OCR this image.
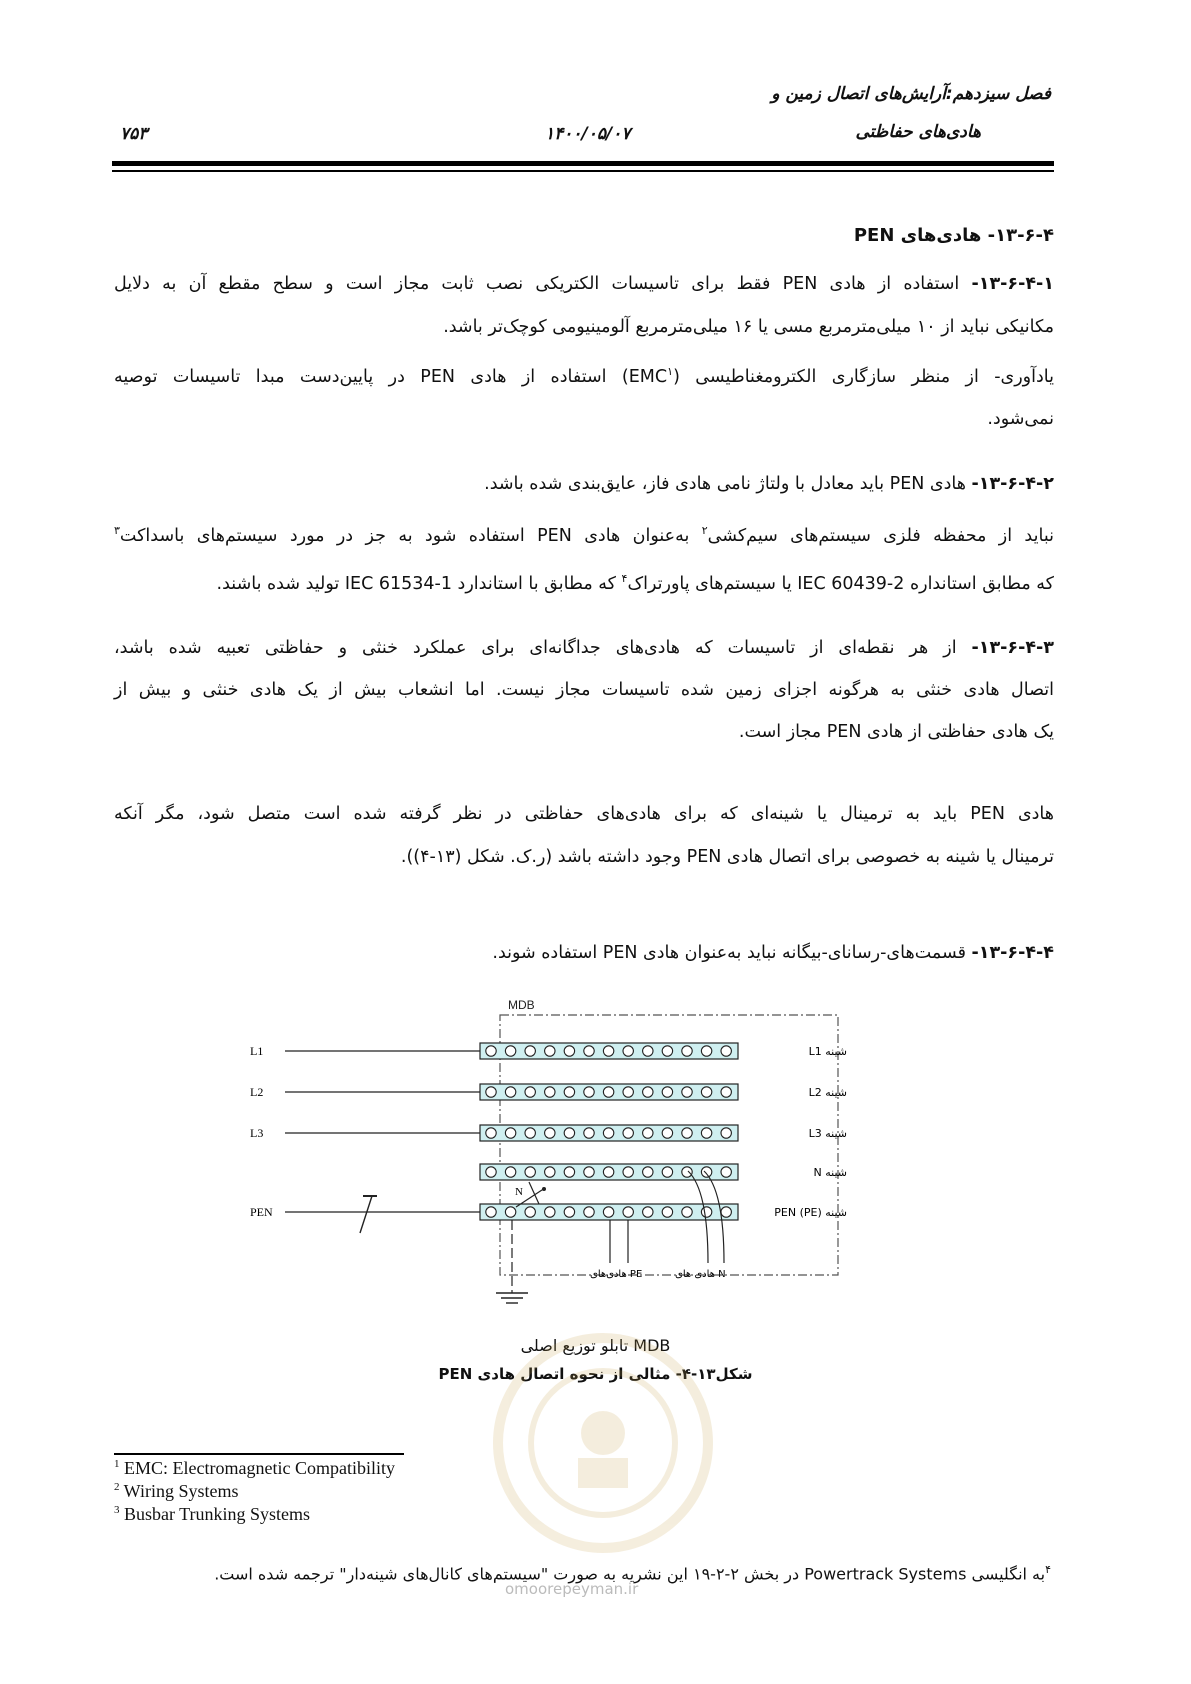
فصل سیزدهم:آرایش‌های اتصال زمین و
هادی‌های حفاظتی
۱۴۰۰/۰۵/۰۷
۷۵۳
۱۳-۶-۴- هادی‌های PEN
۱۳-۶-۴-۱- استفاده از هادی PEN فقط برای تاسیسات الکتریکی نصب ثابت مجاز است و سطح مقطع آن به دلایل
مکانیکی نباید از ۱۰ میلی‌مترمربع مسی یا ۱۶ میلی‌مترمربع آلومینیومی کوچک‌تر باشد.
یادآوری- از منظر سازگاری الکترومغناطیسی (EMC$^۱$) استفاده از هادی PEN در پایین‌دست مبدا تاسیسات توصیه
نمی‌شود.
۱۳-۶-۴-۲- هادی PEN باید معادل با ولتاژ نامی هادی فاز، عایق‌بندی شده باشد.
نباید از محفظه فلزی سیستم‌های سیم‌کشی$^۲$ به‌عنوان هادی PEN استفاده شود به جز در مورد سیستم‌های باسداکت$^۳$
که مطابق استانداره IEC 60439-2 یا سیستم‌های پاورتراک$^۴$ که مطابق با استاندارد IEC 61534-1 تولید شده باشند.
۱۳-۶-۴-۳- از هر نقطه‌ای از تاسیسات که هادی‌های جداگانه‌ای برای عملکرد خنثی و حفاظتی تعبیه شده باشد،
اتصال هادی خنثی به هرگونه اجزای زمین شده تاسیسات مجاز نیست. اما انشعاب بیش از یک هادی خنثی و بیش از
یک هادی حفاظتی از هادی PEN مجاز است.
هادی PEN باید به ترمینال یا شینه‌ای که برای هادی‌های حفاظتی در نظر گرفته شده است متصل شود، مگر آنکه
ترمینال یا شینه به خصوصی برای اتصال هادی PEN وجود داشته باشد (ر.ک. شکل (۱۳-۴)).
۱۳-۶-۴-۴- قسمت‌های-رسانای-بیگانه نباید به‌عنوان هادی PEN استفاده شوند.
MDB
L1
L2
L3
PEN
شینه L1
شینه L2
شینه L3
شینه N
شینه PEN (PE)
N
هادی‌های PE	هادی های N
MDB تابلو توزیع اصلی
شکل۱۳-۴- مثالی از نحوه اتصال هادی PEN
omoorepeyman.ir
$^1$ EMC: Electromagnetic Compatibility
$^2$ Wiring Systems
$^3$ Busbar Trunking Systems
$^۴$به انگلیسی Powertrack Systems در بخش ۲-۲-۱۹ این نشریه به صورت "سیستم‌های کانال‌های شینه‌دار" ترجمه شده است.
